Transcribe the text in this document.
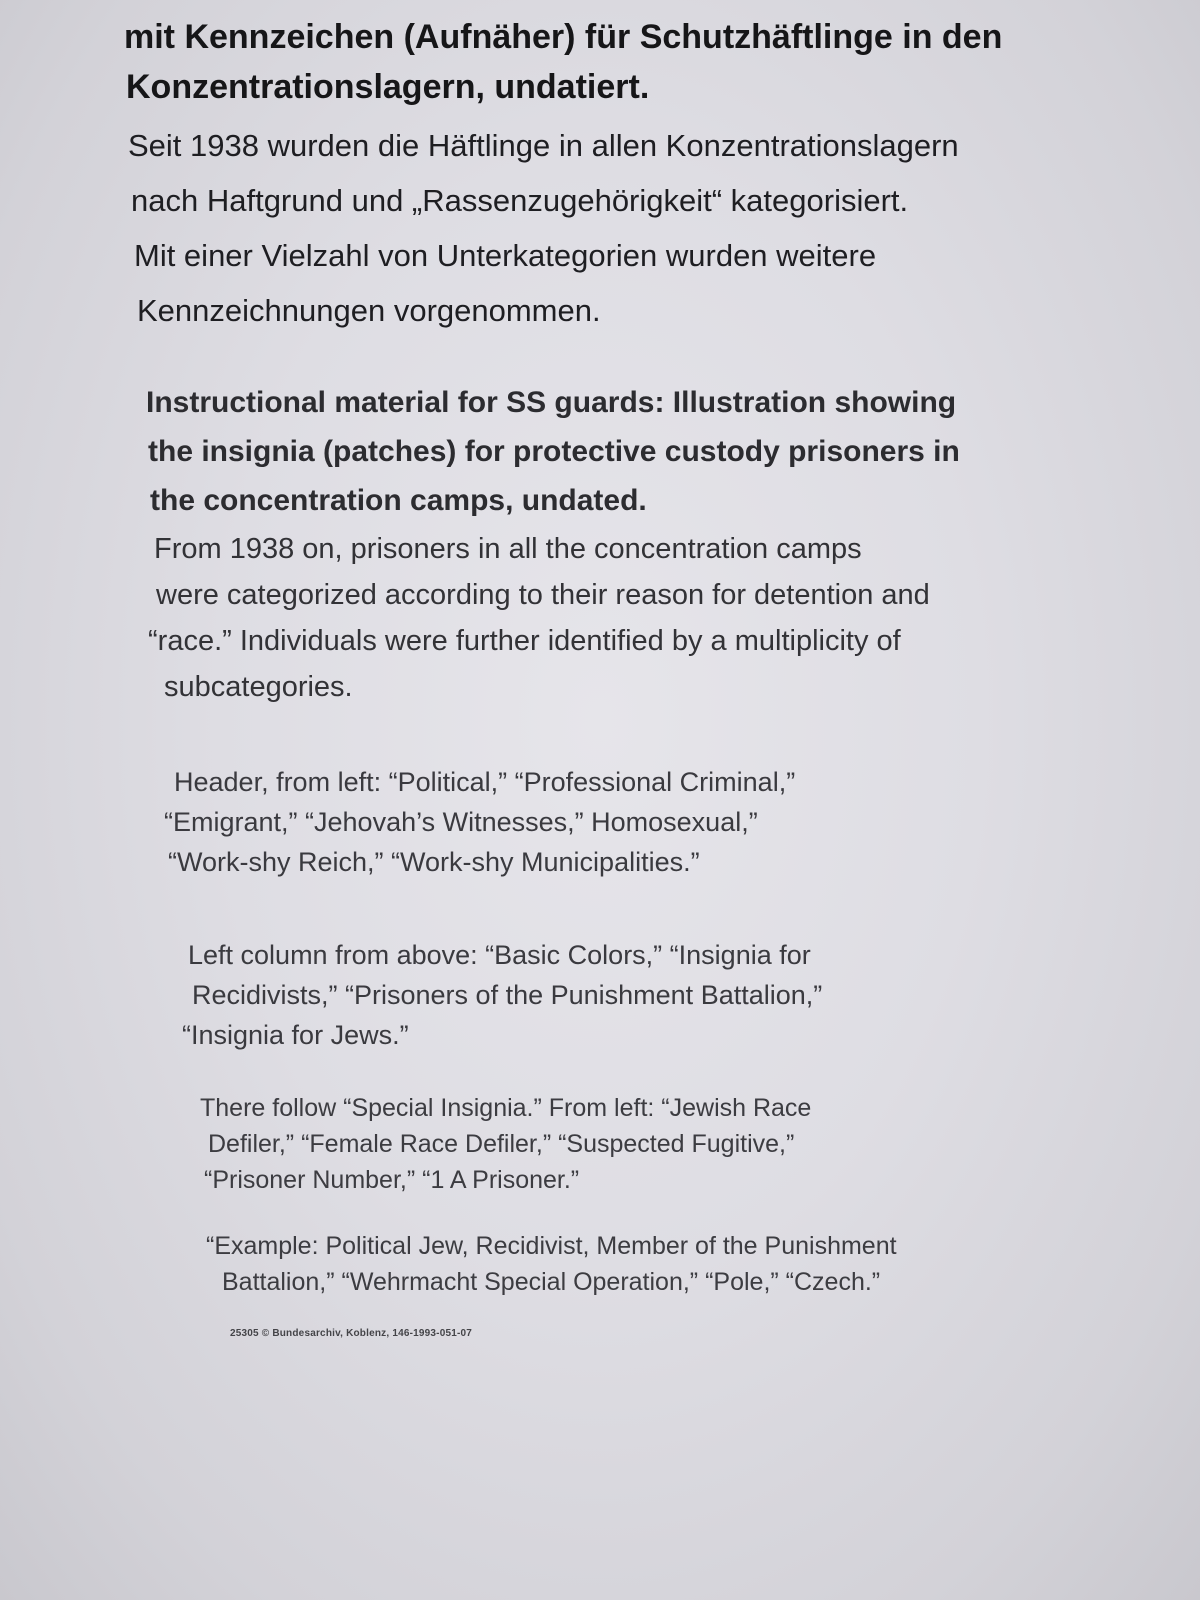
mit Kennzeichen (Aufnäher) für Schutzhäftlinge in den
Konzentrationslagern, undatiert.
Seit 1938 wurden die Häftlinge in allen Konzentrationslagern
nach Haftgrund und „Rassenzugehörigkeit“ kategorisiert.
Mit einer Vielzahl von Unterkategorien wurden weitere
Kennzeichnungen vorgenommen.
Instructional material for SS guards: Illustration showing
the insignia (patches) for protective custody prisoners in
the concentration camps, undated.
From 1938 on, prisoners in all the concentration camps
were categorized according to their reason for detention and
“race.” Individuals were further identified by a multiplicity of
subcategories.
Header, from left: “Political,” “Professional Criminal,”
“Emigrant,” “Jehovah’s Witnesses,” Homosexual,”
“Work-shy Reich,” “Work-shy Municipalities.”
Left column from above: “Basic Colors,” “Insignia for
Recidivists,” “Prisoners of the Punishment Battalion,”
“Insignia for Jews.”
There follow “Special Insignia.” From left: “Jewish Race
Defiler,” “Female Race Defiler,” “Suspected Fugitive,”
“Prisoner Number,” “1 A Prisoner.”
“Example: Political Jew, Recidivist, Member of the Punishment
Battalion,” “Wehrmacht Special Operation,” “Pole,” “Czech.”
25305 © Bundesarchiv, Koblenz, 146-1993-051-07
